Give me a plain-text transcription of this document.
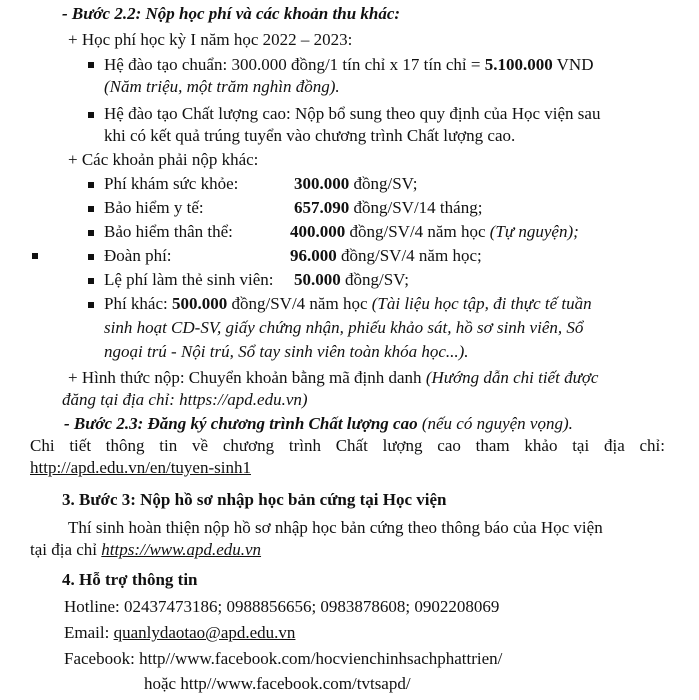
- Bước 2.2: Nộp học phí và các khoản thu khác:
+ Học phí học kỳ I năm học 2022 – 2023:
Hệ đào tạo chuẩn: 300.000 đồng/1 tín chỉ x 17 tín chỉ = 5.100.000 VND
(Năm triệu, một trăm nghìn đồng).
Hệ đào tạo Chất lượng cao: Nộp bổ sung theo quy định của Học viện sau
khi có kết quả trúng tuyển vào chương trình Chất lượng cao.
+ Các khoản phải nộp khác:
Phí khám sức khỏe:	300.000 đồng/SV;
Bảo hiểm y tế:	657.090 đồng/SV/14 tháng;
Bảo hiểm thân thể:	400.000 đồng/SV/4 năm học (Tự nguyện);
Đoàn phí:	96.000 đồng/SV/4 năm học;
Lệ phí làm thẻ sinh viên: 50.000 đồng/SV;
Phí khác: 500.000 đồng/SV/4 năm học (Tài liệu học tập, đi thực tế tuần
sinh hoạt CD-SV, giấy chứng nhận, phiếu khảo sát, hồ sơ sinh viên, Sổ
ngoại trú - Nội trú, Sổ tay sinh viên toàn khóa học...).
+ Hình thức nộp: Chuyển khoản bằng mã định danh (Hướng dẫn chi tiết được
đăng tại địa chỉ: https://apd.edu.vn)
- Bước 2.3: Đăng ký chương trình Chất lượng cao (nếu có nguyện vọng).
Chi tiết thông tin về chương trình Chất lượng cao tham khảo tại địa chỉ:
http://apd.edu.vn/en/tuyen-sinh1
3. Bước 3: Nộp hồ sơ nhập học bản cứng tại Học viện
Thí sinh hoàn thiện nộp hồ sơ nhập học bản cứng theo thông báo của Học viện
tại địa chỉ https://www.apd.edu.vn
4. Hỗ trợ thông tin
Hotline: 02437473186; 0988856656; 0983878608; 0902208069
Email: quanlydaotao@apd.edu.vn
Facebook: http//www.facebook.com/hocvienchinhsachphattrien/
hoặc http//www.facebook.com/tvtsapd/
